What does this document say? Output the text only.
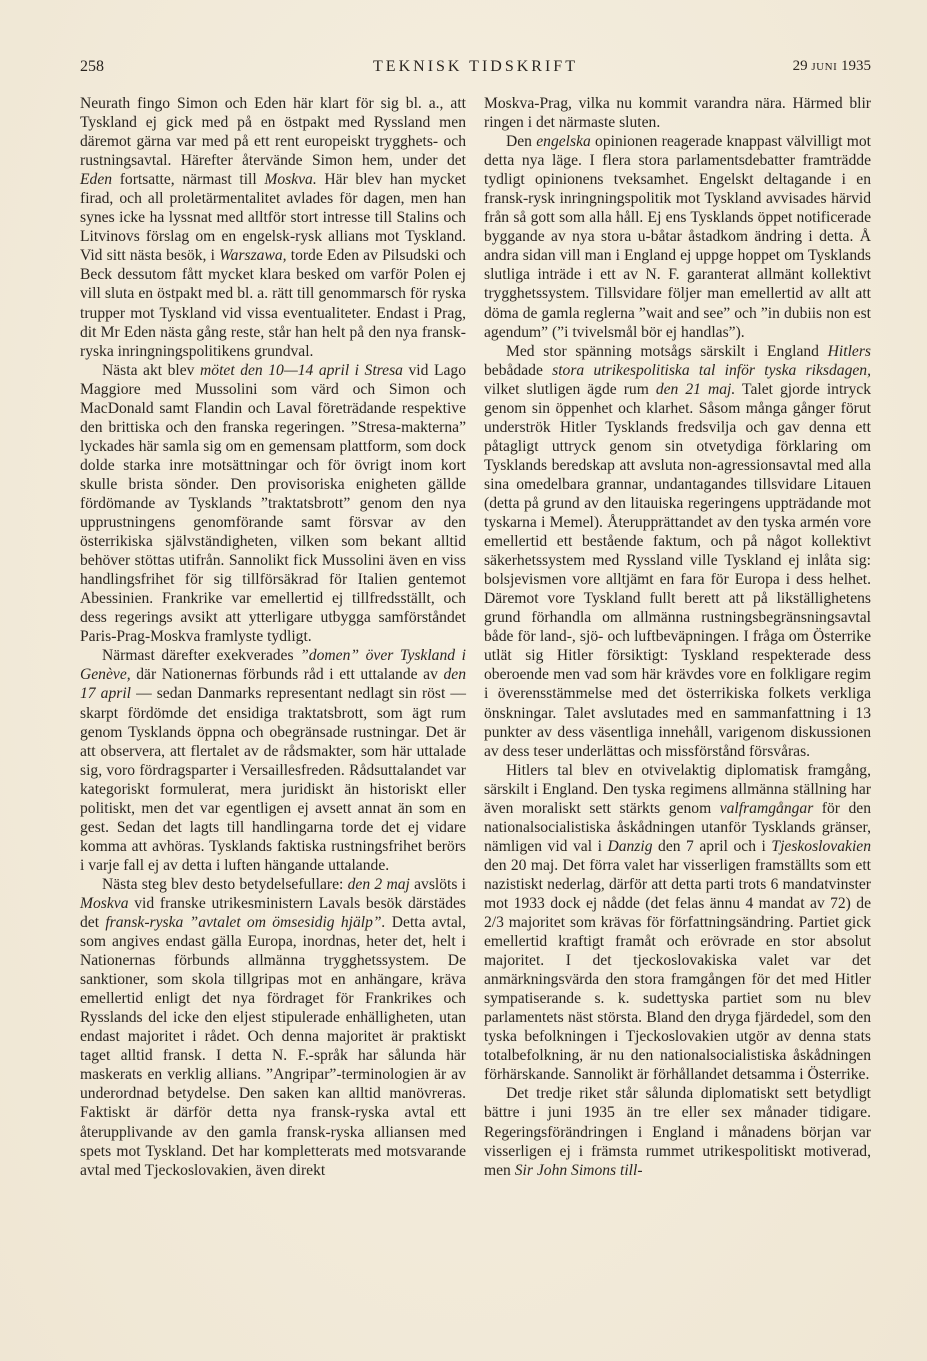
258	TEKNISK TIDSKRIFT	29 JUNI 1935

Neurath fingo Simon och Eden här klart för sig bl. a., att Tyskland ej gick med på en östpakt med Ryssland men däremot gärna var med på ett rent europeiskt trygghets- och rustningsavtal. Härefter återvände Simon hem, under det Eden fortsatte, närmast till Moskva. Här blev han mycket firad, och all proletärmentalitet avlades för dagen, men han synes icke ha lyssnat med alltför stort intresse till Stalins och Litvinovs förslag om en engelsk-rysk allians mot Tyskland. Vid sitt nästa besök, i Warszawa, torde Eden av Pilsudski och Beck dessutom fått mycket klara besked om varför Polen ej vill sluta en östpakt med bl. a. rätt till genommarsch för ryska trupper mot Tyskland vid vissa eventualiteter. Endast i Prag, dit Mr Eden nästa gång reste, står han helt på den nya fransk-ryska inringningspolitikens grundval.

Nästa akt blev mötet den 10—14 april i Stresa vid Lago Maggiore med Mussolini som värd och Simon och MacDonald samt Flandin och Laval företrädande respektive den brittiska och den franska regeringen. ”Stresa-makterna” lyckades här samla sig om en gemensam plattform, som dock dolde starka inre motsättningar och för övrigt inom kort skulle brista sönder. Den provisoriska enigheten gällde fördömande av Tysklands ”traktatsbrott” genom den nya upprustningens genomförande samt försvar av den österrikiska självständigheten, vilken som bekant alltid behöver stöttas utifrån. Sannolikt fick Mussolini även en viss handlingsfrihet för sig tillförsäkrad för Italien gentemot Abessinien. Frankrike var emellertid ej tillfredsställt, och dess regerings avsikt att ytterligare utbygga samförståndet Paris-Prag-Moskva framlyste tydligt.

Närmast därefter exekverades ”domen” över Tyskland i Genève, där Nationernas förbunds råd i ett uttalande av den 17 april — sedan Danmarks representant nedlagt sin röst — skarpt fördömde det ensidiga traktatsbrott, som ägt rum genom Tysklands öppna och obegränsade rustningar. Det är att observera, att flertalet av de rådsmakter, som här uttalade sig, voro fördragsparter i Versaillesfreden. Rådsuttalandet var kategoriskt formulerat, mera juridiskt än historiskt eller politiskt, men det var egentligen ej avsett annat än som en gest. Sedan det lagts till handlingarna torde det ej vidare komma att avhöras. Tysklands faktiska rustningsfrihet berörs i varje fall ej av detta i luften hängande uttalande.

Nästa steg blev desto betydelsefullare: den 2 maj avslöts i Moskva vid franske utrikesministern Lavals besök därstädes det fransk-ryska ”avtalet om ömsesidig hjälp”. Detta avtal, som angives endast gälla Europa, inordnas, heter det, helt i Nationernas förbunds allmänna trygghetssystem. De sanktioner, som skola tillgripas mot en anhängare, kräva emellertid enligt det nya fördraget för Frankrikes och Rysslands del icke den eljest stipulerade enhälligheten, utan endast majoritet i rådet. Och denna majoritet är praktiskt taget alltid fransk. I detta N. F.-språk har sålunda här maskerats en verklig allians. ”Angripar”-terminologien är av underordnad betydelse. Den saken kan alltid manövreras. Faktiskt är därför detta nya fransk-ryska avtal ett återupplivande av den gamla fransk-ryska alliansen med spets mot Tyskland. Det har kompletterats med motsvarande avtal med Tjeckoslovakien, även direkt

Moskva-Prag, vilka nu kommit varandra nära. Härmed blir ringen i det närmaste sluten.

Den engelska opinionen reagerade knappast välvilligt mot detta nya läge. I flera stora parlamentsdebatter framträdde tydligt opinionens tveksamhet. Engelskt deltagande i en fransk-rysk inringningspolitik mot Tyskland avvisades härvid från så gott som alla håll. Ej ens Tysklands öppet notificerade byggande av nya stora u-båtar åstadkom ändring i detta. Å andra sidan vill man i England ej uppge hoppet om Tysklands slutliga inträde i ett av N. F. garanterat allmänt kollektivt trygghetssystem. Tillsvidare följer man emellertid av allt att döma de gamla reglerna ”wait and see” och ”in dubiis non est agendum” (”i tvivelsmål bör ej handlas”).

Med stor spänning motsågs särskilt i England Hitlers bebådade stora utrikespolitiska tal inför tyska riksdagen, vilket slutligen ägde rum den 21 maj. Talet gjorde intryck genom sin öppenhet och klarhet. Såsom många gånger förut underströk Hitler Tysklands fredsvilja och gav denna ett påtagligt uttryck genom sin otvetydiga förklaring om Tysklands beredskap att avsluta non-agressionsavtal med alla sina omedelbara grannar, undantagandes tillsvidare Litauen (detta på grund av den litauiska regeringens uppträdande mot tyskarna i Memel). Återupprättandet av den tyska armén vore emellertid ett bestående faktum, och på något kollektivt säkerhetssystem med Ryssland ville Tyskland ej inlåta sig: bolsjevismen vore alltjämt en fara för Europa i dess helhet. Däremot vore Tyskland fullt berett att på likställighetens grund förhandla om allmänna rustningsbegränsningsavtal både för land-, sjö- och luftbeväpningen. I fråga om Österrike utlät sig Hitler försiktigt: Tyskland respekterade dess oberoende men vad som här krävdes vore en folkligare regim i överensstämmelse med det österrikiska folkets verkliga önskningar. Talet avslutades med en sammanfattning i 13 punkter av dess väsentliga innehåll, varigenom diskussionen av dess teser underlättas och missförstånd försvåras.

Hitlers tal blev en otvivelaktig diplomatisk framgång, särskilt i England. Den tyska regimens allmänna ställning har även moraliskt sett stärkts genom valframgångar för den nationalsocialistiska åskådningen utanför Tysklands gränser, nämligen vid val i Danzig den 7 april och i Tjeskoslovakien den 20 maj. Det förra valet har visserligen framställts som ett nazistiskt nederlag, därför att detta parti trots 6 mandatvinster mot 1933 dock ej nådde (det felas ännu 4 mandat av 72) de 2/3 majoritet som krävas för författningsändring. Partiet gick emellertid kraftigt framåt och erövrade en stor absolut majoritet. I det tjeckoslovakiska valet var det anmärkningsvärda den stora framgången för det med Hitler sympatiserande s. k. sudettyska partiet som nu blev parlamentets näst största. Bland den dryga fjärdedel, som den tyska befolkningen i Tjeckoslovakien utgör av denna stats totalbefolkning, är nu den nationalsocialistiska åskådningen förhärskande. Sannolikt är förhållandet detsamma i Österrike.

Det tredje riket står sålunda diplomatiskt sett betydligt bättre i juni 1935 än tre eller sex månader tidigare. Regeringsförändringen i England i månadens början var visserligen ej i främsta rummet utrikespolitiskt motiverad, men Sir John Simons till-
